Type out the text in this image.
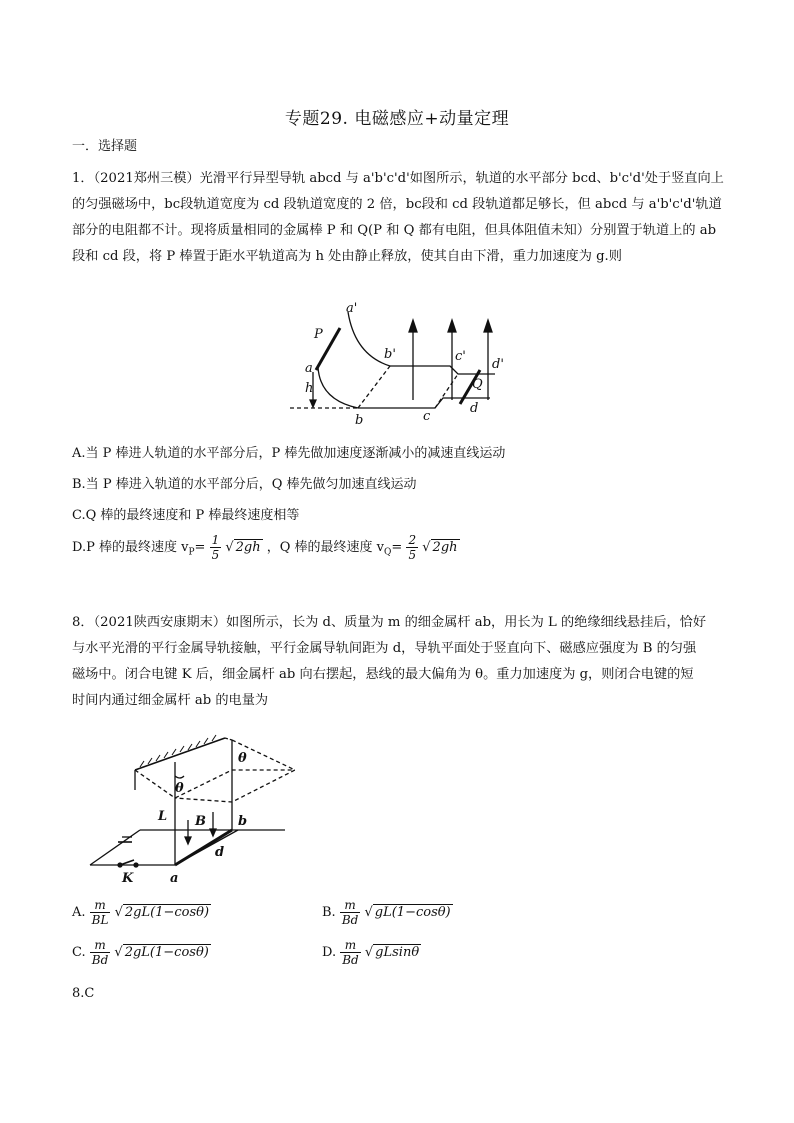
专题29. 电磁感应+动量定理
一．选择题
1．（2021郑州三模）光滑平行异型导轨 abcd 与 a'b'c'd'如图所示，轨道的水平部分 bcd、b'c'd'处于竖直向上
的匀强磁场中，bc段轨道宽度为 cd 段轨道宽度的 2 倍，bc段和 cd 段轨道都足够长，但 abcd 与 a'b'c'd'轨道
部分的电阻都不计。现将质量相同的金属棒 P 和 Q(P 和 Q 都有电阻，但具体阻值未知）分别置于轨道上的 ab
段和 cd 段，将 P 棒置于距水平轨道高为 h 处由静止释放，使其自由下滑，重力加速度为 g.则
P
a'
b'	c'
d'
a
h
b	c
d
Q
A.当 P 棒进人轨道的水平部分后，P 棒先做加速度逐渐减小的减速直线运动
B.当 P 棒进入轨道的水平部分后，Q 棒先做匀加速直线运动
C.Q 棒的最终速度和 P 棒最终速度相等
D.P 棒的最终速度 $v_P= \frac{1}{5}$ √ 2gh ，Q 棒的最终速度 $v_Q= \frac{2}{5}$ √ 2gh
8．（2021陕西安康期末）如图所示，长为 d、质量为 m 的细金属杆 ab，用长为 L 的绝缘细线悬挂后，恰好
与水平光滑的平行金属导轨接触，平行金属导轨间距为 d，导轨平面处于竖直向下、磁感应强度为 B 的匀强
磁场中。闭合电键 K 后，细金属杆 ab 向右摆起，悬线的最大偏角为 θ。重力加速度为 g，则闭合电键的短
时间内通过细金属杆 ab 的电量为
θ
θ
L B b
d
a
K
A. $\frac{m}{BL}$ √ 2gL(1−cosθ)	B. $\frac{m}{Bd}$ √ gL(1−cosθ)
C. $\frac{m}{Bd}$ √ 2gL(1−cosθ)	D. $\frac{m}{Bd}$ √ gLsinθ
8.C
